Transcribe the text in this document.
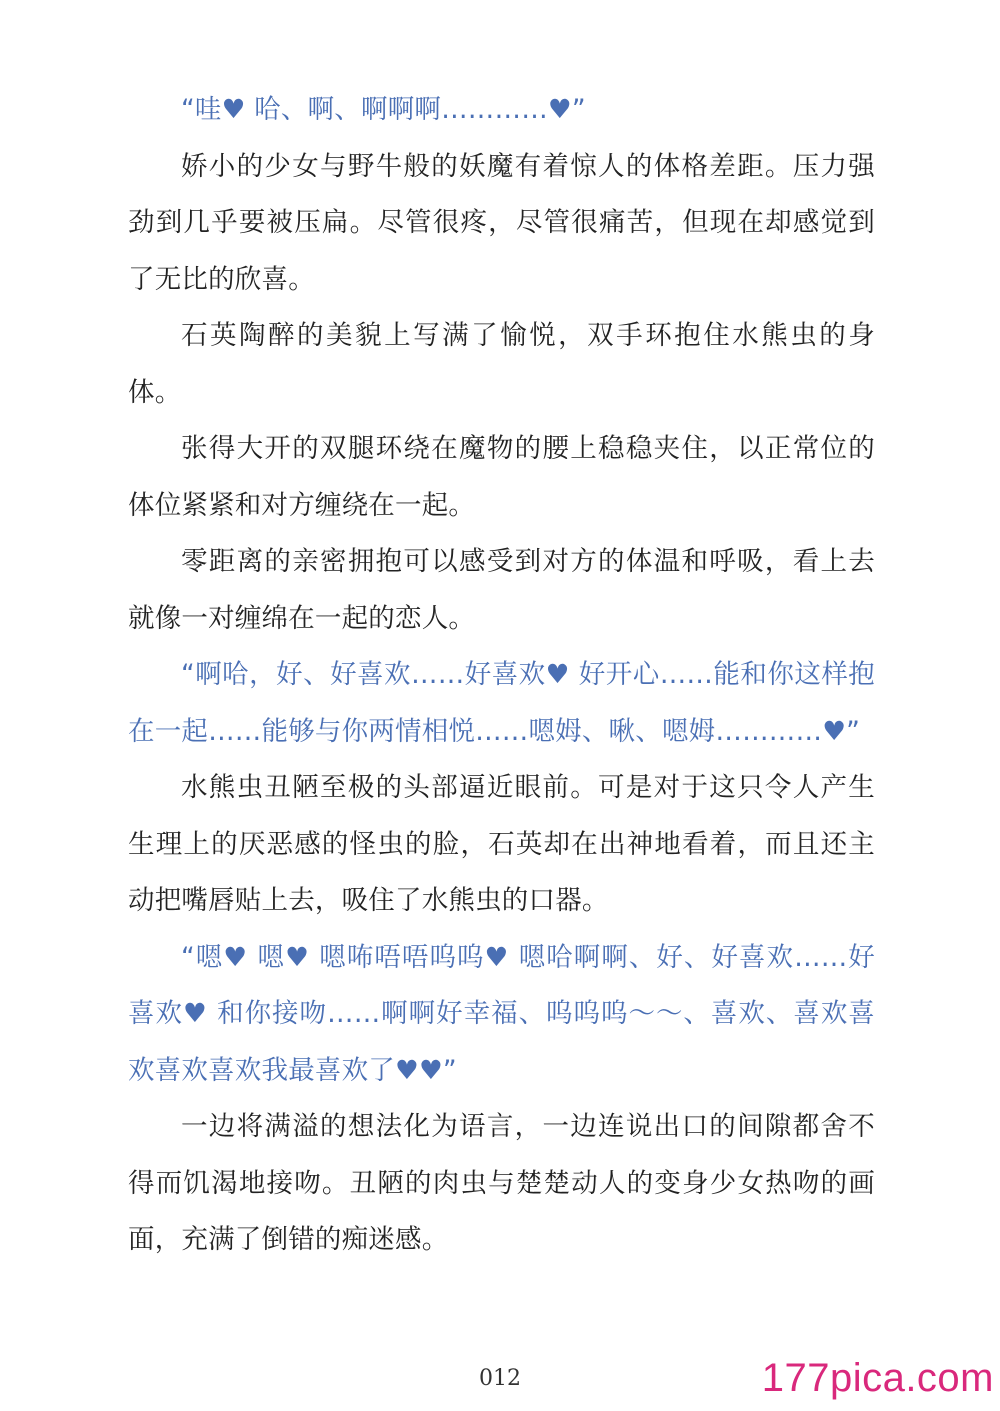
“哇♥ 哈、啊、啊啊啊…………♥”

娇小的少女与野牛般的妖魔有着惊人的体格差距。压力强劲到几乎要被压扁。尽管很疼，尽管很痛苦，但现在却感觉到了无比的欣喜。

石英陶醉的美貌上写满了愉悦，双手环抱住水熊虫的身体。

张得大开的双腿环绕在魔物的腰上稳稳夹住，以正常位的体位紧紧和对方缠绕在一起。

零距离的亲密拥抱可以感受到对方的体温和呼吸，看上去就像一对缠绵在一起的恋人。

“啊哈，好、好喜欢……好喜欢♥ 好开心……能和你这样抱在一起……能够与你两情相悦……嗯姆、啾、嗯姆…………♥”

水熊虫丑陋至极的头部逼近眼前。可是对于这只令人产生生理上的厌恶感的怪虫的脸，石英却在出神地看着，而且还主动把嘴唇贴上去，吸住了水熊虫的口器。

“嗯♥ 嗯♥ 嗯咘唔唔呜呜♥ 嗯哈啊啊、好、好喜欢……好喜欢♥ 和你接吻……啊啊好幸福、呜呜呜～～、喜欢、喜欢喜欢喜欢喜欢我最喜欢了♥♥”

一边将满溢的想法化为语言，一边连说出口的间隙都舍不得而饥渴地接吻。丑陋的肉虫与楚楚动人的变身少女热吻的画面，充满了倒错的痴迷感。

012	177pica.com
